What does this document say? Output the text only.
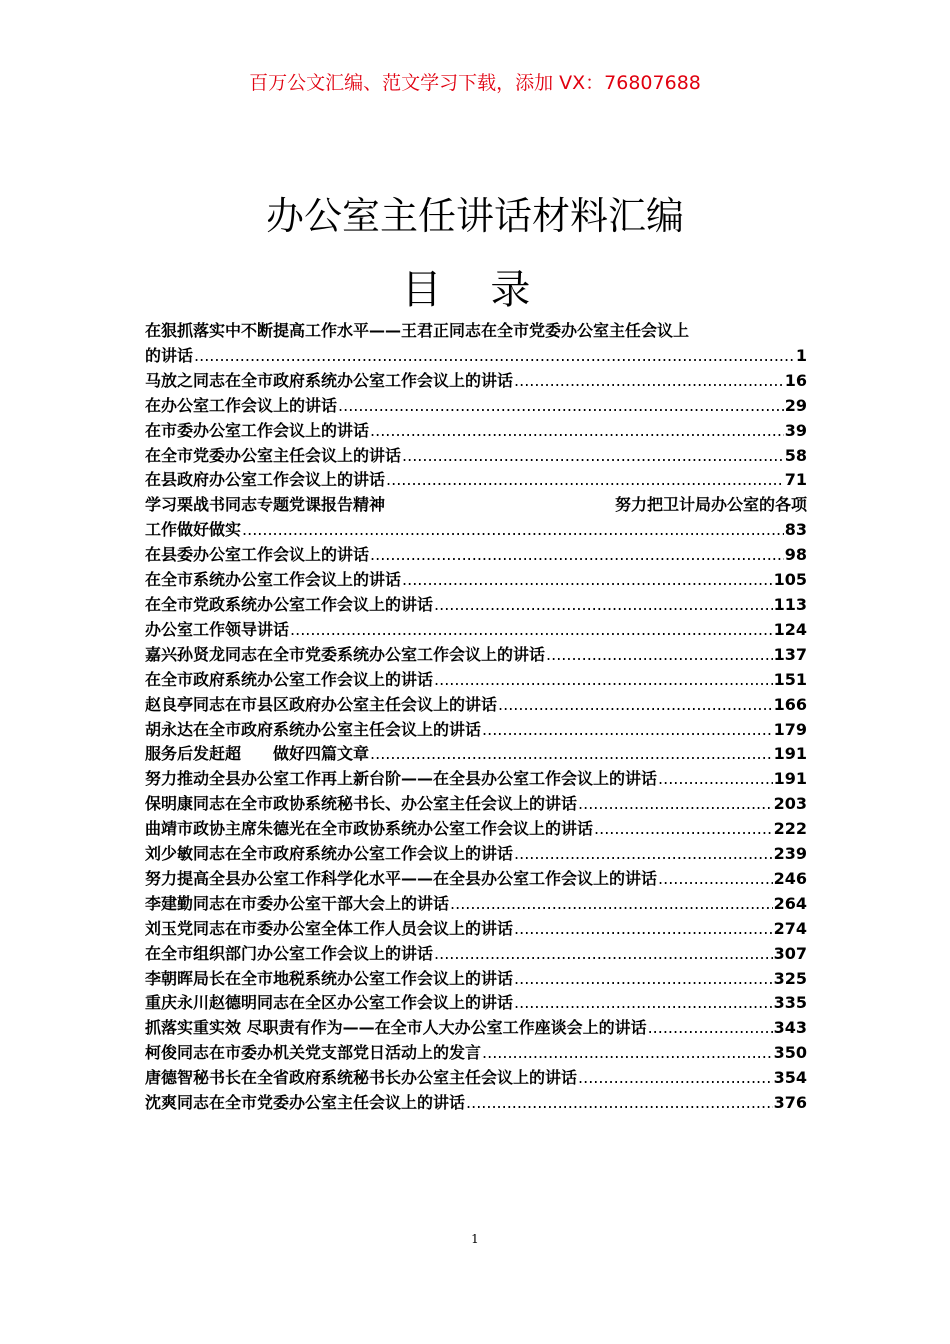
百万公文汇编、范文学习下载，添加 VX：76807688
办公室主任讲话材料汇编
目 录
在狠抓落实中不断提高工作水平——王君正同志在全市党委办公室主任会议上
的讲话 .....	1
马放之同志在全市政府系统办公室工作会议上的讲话 .....	16
在办公室工作会议上的讲话 .....	29
在市委办公室工作会议上的讲话 .....	39
在全市党委办公室主任会议上的讲话 .....	58
在县政府办公室工作会议上的讲话 .....	71
学习栗战书同志专题党课报告精神	努力把卫计局办公室的各项
工作做好做实 .....	83
在县委办公室工作会议上的讲话 .....	98
在全市系统办公室工作会议上的讲话 .....	105
在全市党政系统办公室工作会议上的讲话 .....	113
办公室工作领导讲话 .....	124
嘉兴孙贤龙同志在全市党委系统办公室工作会议上的讲话 .....	137
在全市政府系统办公室工作会议上的讲话 .....	151
赵良亭同志在市县区政府办公室主任会议上的讲话 .....	166
胡永达在全市政府系统办公室主任会议上的讲话 .....	179
服务后发赶超　　做好四篇文章 .....	191
努力推动全县办公室工作再上新台阶——在全县办公室工作会议上的讲话 .....	191
保明康同志在全市政协系统秘书长、办公室主任会议上的讲话 .....	203
曲靖市政协主席朱德光在全市政协系统办公室工作会议上的讲话 .....	222
刘少敏同志在全市政府系统办公室工作会议上的讲话 .....	239
努力提高全县办公室工作科学化水平——在全县办公室工作会议上的讲话 .....	246
李建勤同志在市委办公室干部大会上的讲话 .....	264
刘玉党同志在市委办公室全体工作人员会议上的讲话 .....	274
在全市组织部门办公室工作会议上的讲话 .....	307
李朝晖局长在全市地税系统办公室工作会议上的讲话 .....	325
重庆永川赵德明同志在全区办公室工作会议上的讲话 .....	335
抓落实重实效 尽职责有作为——在全市人大办公室工作座谈会上的讲话 .....	343
柯俊同志在市委办机关党支部党日活动上的发言 .....	350
唐德智秘书长在全省政府系统秘书长办公室主任会议上的讲话 .....	354
沈爽同志在全市党委办公室主任会议上的讲话 .....	376
1
